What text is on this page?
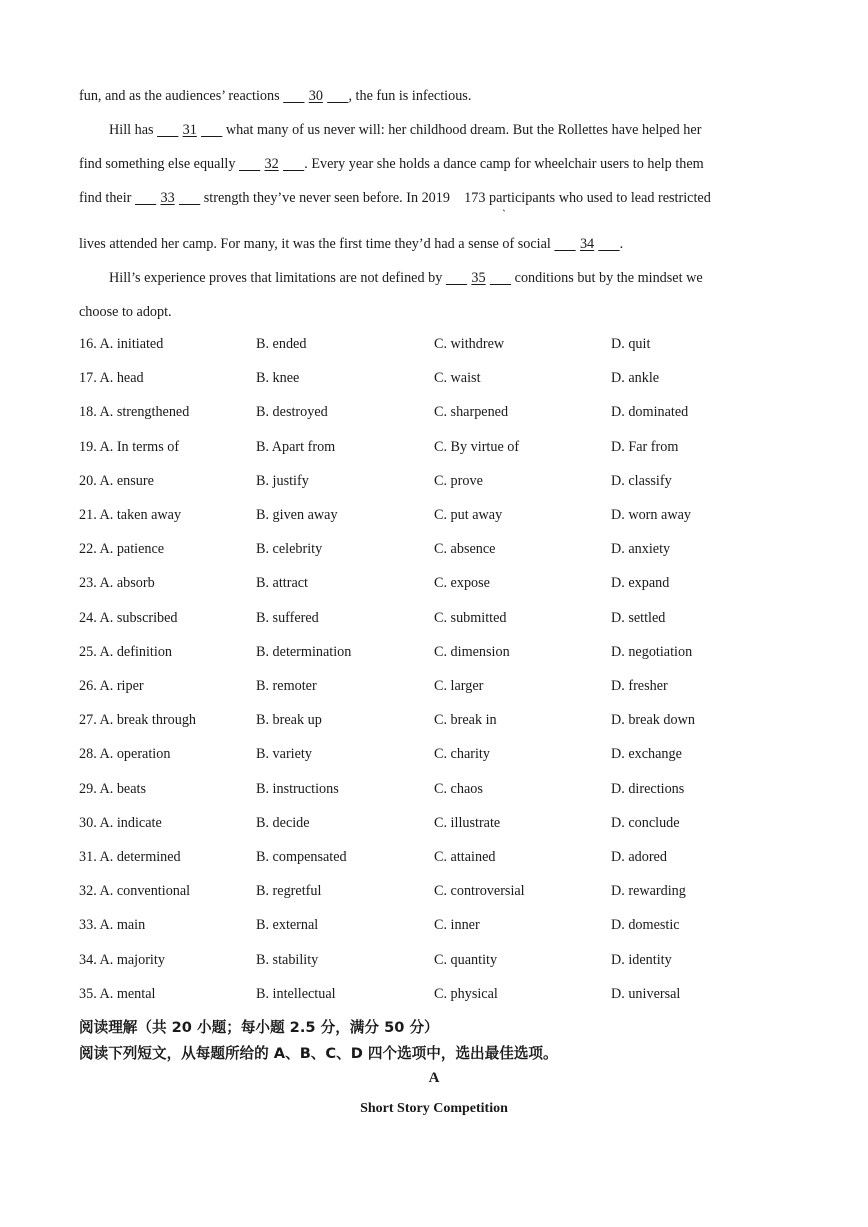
fun, and as the audiences’ reactions       30 , the fun is infectious.
Hill has       31       what many of us never will: her childhood dream. But the Rollettes have helped her
find something else equally       32 . Every year she holds a dance camp for wheelchair users to help them
find their       33       strength they’ve never seen before. In 2019 173 participants who used to lead restricted
`
lives attended her camp. For many, it was the first time they’d had a sense of social       34 .
Hill’s experience proves that limitations are not defined by       35       conditions but by the mindset we
choose to adopt.
16. A. initiated	B. ended	C. withdrew	D. quit
17. A. head	B. knee	C. waist	D. ankle
18. A. strengthened	B. destroyed	C. sharpened	D. dominated
19. A. In terms of	B. Apart from	C. By virtue of	D. Far from
20. A. ensure	B. justify	C. prove	D. classify
21. A. taken away	B. given away	C. put away	D. worn away
22. A. patience	B. celebrity	C. absence	D. anxiety
23. A. absorb	B. attract	C. expose	D. expand
24. A. subscribed	B. suffered	C. submitted	D. settled
25. A. definition	B. determination	C. dimension	D. negotiation
26. A. riper	B. remoter	C. larger	D. fresher
27. A. break through	B. break up	C. break in	D. break down
28. A. operation	B. variety	C. charity	D. exchange
29. A. beats	B. instructions	C. chaos	D. directions
30. A. indicate	B. decide	C. illustrate	D. conclude
31. A. determined	B. compensated	C. attained	D. adored
32. A. conventional	B. regretful	C. controversial	D. rewarding
33. A. main	B. external	C. inner	D. domestic
34. A. majority	B. stability	C. quantity	D. identity
35. A. mental	B. intellectual	C. physical	D. universal
阅读理解（共 20 小题；每小题 2.5 分，满分 50 分）
阅读下列短文，从每题所给的 A、B、C、D 四个选项中，选出最佳选项。
A
Short Story Competition
